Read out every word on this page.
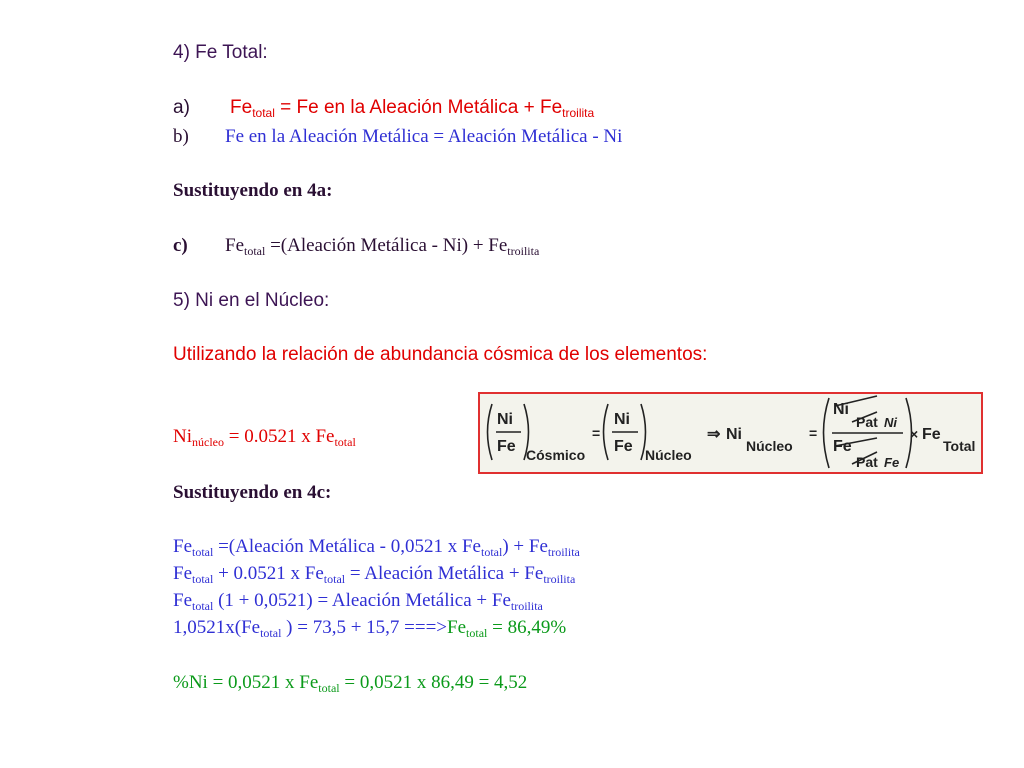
4) Fe Total:
a) $Fe_{total} = Fe$ en la Aleación Metálica + $Fe_{troilita}$
b) Fe en la Aleación Metálica = Aleación Metálica - Ni
Sustituyendo en 4a:
c) $Fe_{total}$ =(Aleación Metálica - $Ni) + Fe_{troilita}$
5) Ni en el Núcleo:
Utilizando la relación de abundancia cósmica de los elementos:
$Ni_{núcleo} = 0.0521$ x $Fe_{total}$
Ni
Fe Cósmico
=
Ni
Fe Núcleo
⇒ Ni
Núcleo
=
Ni
Pat Ni
Fe
Pat Fe
× Fe
Total
Sustituyendo en 4c:
$Fe_{total}$ =(Aleación Metálica - 0,0521 x $Fe_{total}) + Fe_{troilita}$
$Fe_{total} + 0.0521$ x $Fe_{total}$ = Aleación Metálica + $Fe_{troilita}$
$Fe_{total}$ (1 + 0,0521) = Aleación Metálica + $Fe_{troilita}$
$1,0521x(Fe_{total}$ ) = $73,5 + 15,7 ===>Fe_{total} = 86,49\%$
%Ni = 0,0521 x $Fe_{total} = 0,0521$ x 86,49 = 4,52
